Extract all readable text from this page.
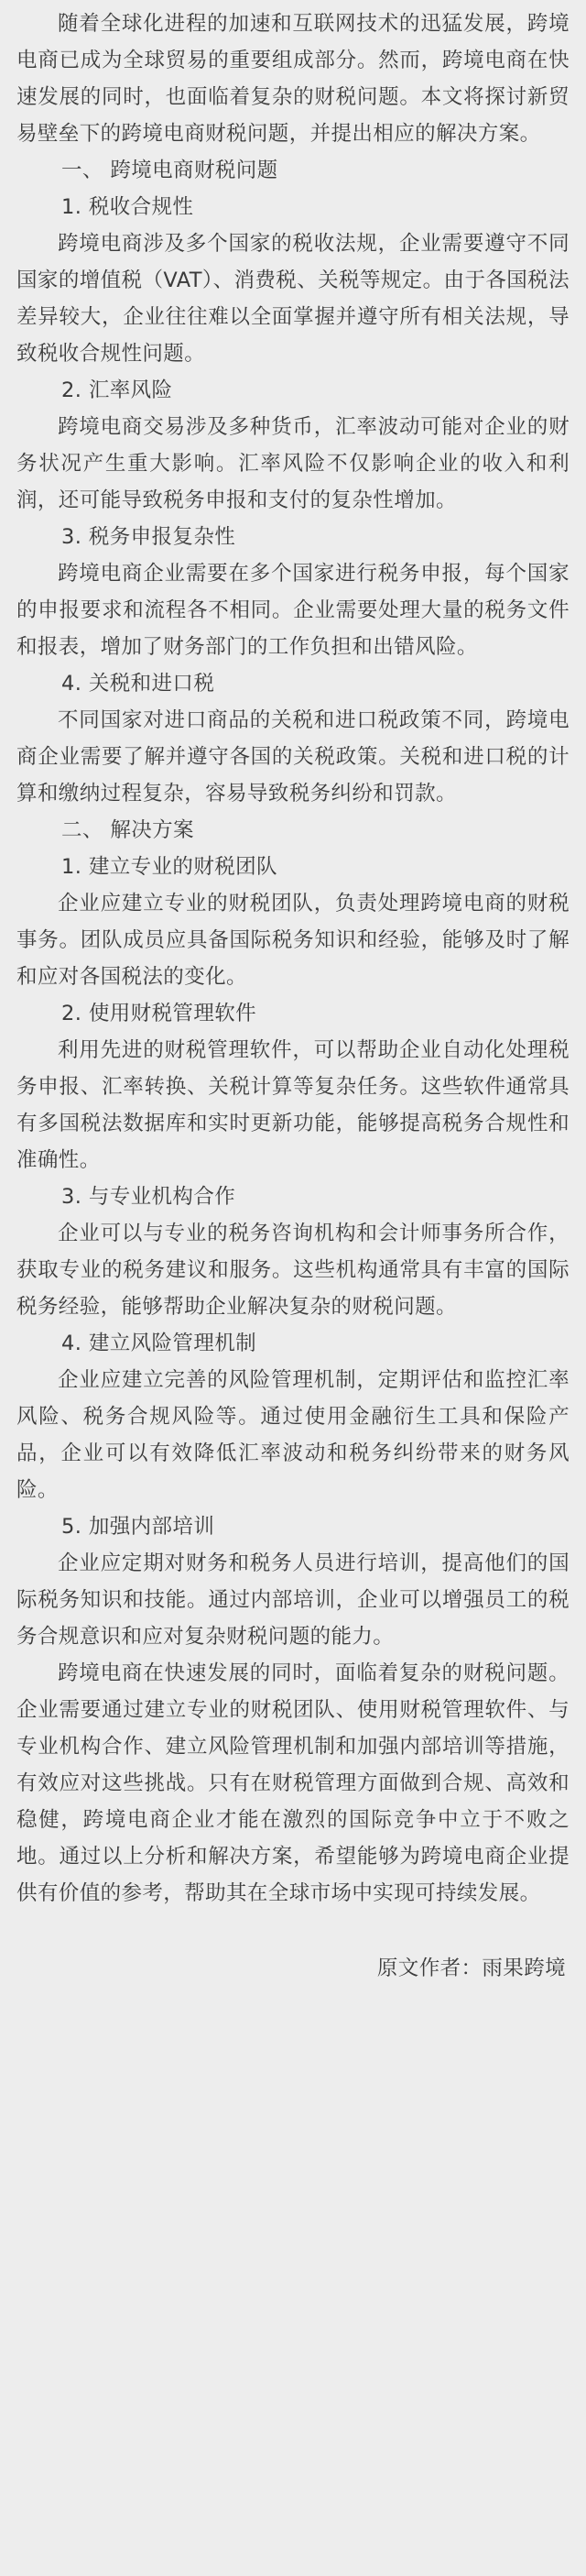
随着全球化进程的加速和互联网技术的迅猛发展，跨境电商已成为全球贸易的重要组成部分。然而，跨境电商在快速发展的同时，也面临着复杂的财税问题。本文将探讨新贸易壁垒下的跨境电商财税问题，并提出相应的解决方案。

一、 跨境电商财税问题

1. 税收合规性

跨境电商涉及多个国家的税收法规，企业需要遵守不同国家的增值税（VAT）、消费税、关税等规定。由于各国税法差异较大，企业往往难以全面掌握并遵守所有相关法规，导致税收合规性问题。

2. 汇率风险

跨境电商交易涉及多种货币，汇率波动可能对企业的财务状况产生重大影响。汇率风险不仅影响企业的收入和利润，还可能导致税务申报和支付的复杂性增加。

3. 税务申报复杂性

跨境电商企业需要在多个国家进行税务申报，每个国家的申报要求和流程各不相同。企业需要处理大量的税务文件和报表，增加了财务部门的工作负担和出错风险。

4. 关税和进口税

不同国家对进口商品的关税和进口税政策不同，跨境电商企业需要了解并遵守各国的关税政策。关税和进口税的计算和缴纳过程复杂，容易导致税务纠纷和罚款。

二、 解决方案

1. 建立专业的财税团队

企业应建立专业的财税团队，负责处理跨境电商的财税事务。团队成员应具备国际税务知识和经验，能够及时了解和应对各国税法的变化。

2. 使用财税管理软件

利用先进的财税管理软件，可以帮助企业自动化处理税务申报、汇率转换、关税计算等复杂任务。这些软件通常具有多国税法数据库和实时更新功能，能够提高税务合规性和准确性。

3. 与专业机构合作

企业可以与专业的税务咨询机构和会计师事务所合作，获取专业的税务建议和服务。这些机构通常具有丰富的国际税务经验，能够帮助企业解决复杂的财税问题。

4. 建立风险管理机制

企业应建立完善的风险管理机制，定期评估和监控汇率风险、税务合规风险等。通过使用金融衍生工具和保险产品，企业可以有效降低汇率波动和税务纠纷带来的财务风险。

5. 加强内部培训

企业应定期对财务和税务人员进行培训，提高他们的国际税务知识和技能。通过内部培训，企业可以增强员工的税务合规意识和应对复杂财税问题的能力。

跨境电商在快速发展的同时，面临着复杂的财税问题。企业需要通过建立专业的财税团队、使用财税管理软件、与专业机构合作、建立风险管理机制和加强内部培训等措施，有效应对这些挑战。只有在财税管理方面做到合规、高效和稳健，跨境电商企业才能在激烈的国际竞争中立于不败之地。通过以上分析和解决方案，希望能够为跨境电商企业提供有价值的参考，帮助其在全球市场中实现可持续发展。

原文作者：雨果跨境
